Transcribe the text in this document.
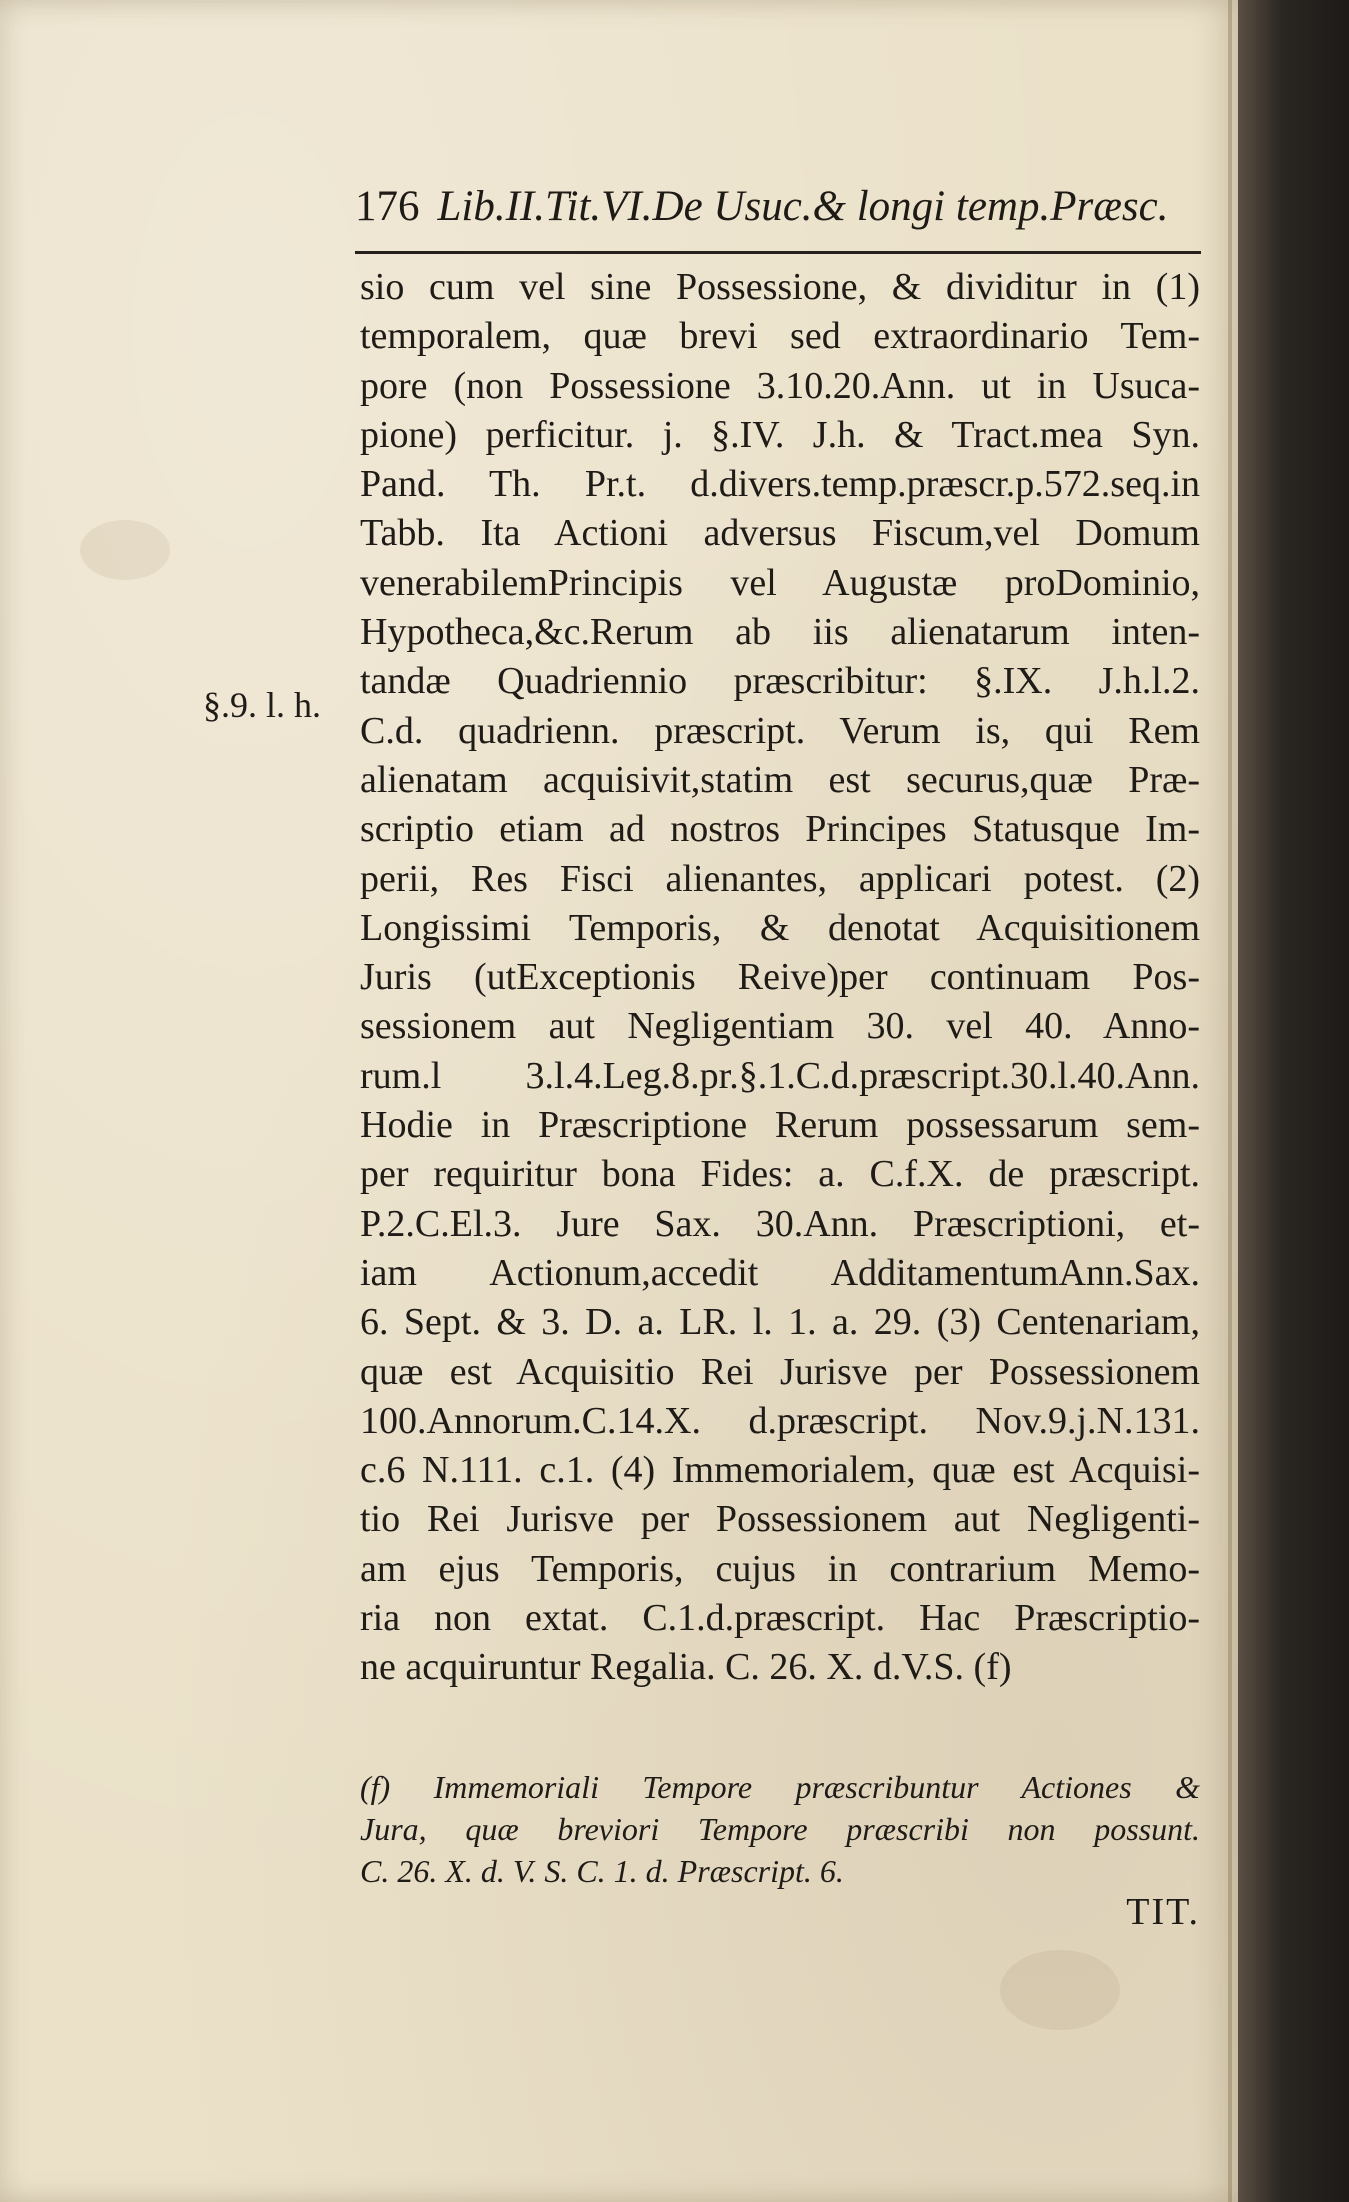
176 Lib.II.Tit.VI.De Usuc.& longi temp.Præsc.
§.9. l. h.
sio cum vel sine Possessione, & dividitur in (1)
temporalem, quæ brevi sed extraordinario Tem-
pore (non Possessione 3.10.20.Ann. ut in Usuca-
pione) perficitur. j. §.IV. J.h. & Tract.mea Syn.
Pand. Th. Pr.t. d.divers.temp.præscr.p.572.seq.in
Tabb. Ita Actioni adversus Fiscum,vel Domum
venerabilemPrincipis vel Augustæ proDominio,
Hypotheca,&c.Rerum ab iis alienatarum inten-
tandæ Quadriennio præscribitur: §.IX. J.h.l.2.
C.d. quadrienn. præscript. Verum is, qui Rem
alienatam acquisivit,statim est securus,quæ Præ-
scriptio etiam ad nostros Principes Statusque Im-
perii, Res Fisci alienantes, applicari potest. (2)
Longissimi Temporis, & denotat Acquisitionem
Juris (utExceptionis Reive)per continuam Pos-
sessionem aut Negligentiam 30. vel 40. Anno-
rum.l 3.l.4.Leg.8.pr.§.1.C.d.præscript.30.l.40.Ann.
Hodie in Præscriptione Rerum possessarum sem-
per requiritur bona Fides: a. C.f.X. de præscript.
P.2.C.El.3. Jure Sax. 30.Ann. Præscriptioni, et-
iam Actionum,accedit AdditamentumAnn.Sax.
6. Sept. & 3. D. a. LR. l. 1. a. 29. (3) Centenariam,
quæ est Acquisitio Rei Jurisve per Possessionem
100.Annorum.C.14.X. d.præscript. Nov.9.j.N.131.
c.6 N.111. c.1. (4) Immemorialem, quæ est Acquisi-
tio Rei Jurisve per Possessionem aut Negligenti-
am ejus Temporis, cujus in contrarium Memo-
ria non extat. C.1.d.præscript. Hac Præscriptio-
ne acquiruntur Regalia. C. 26. X. d.V.S. (f)
(f) Immemoriali Tempore præscribuntur Actiones &
Jura, quæ breviori Tempore præscribi non possunt.
C. 26. X. d. V. S. C. 1. d. Præscript. 6.
TIT.
